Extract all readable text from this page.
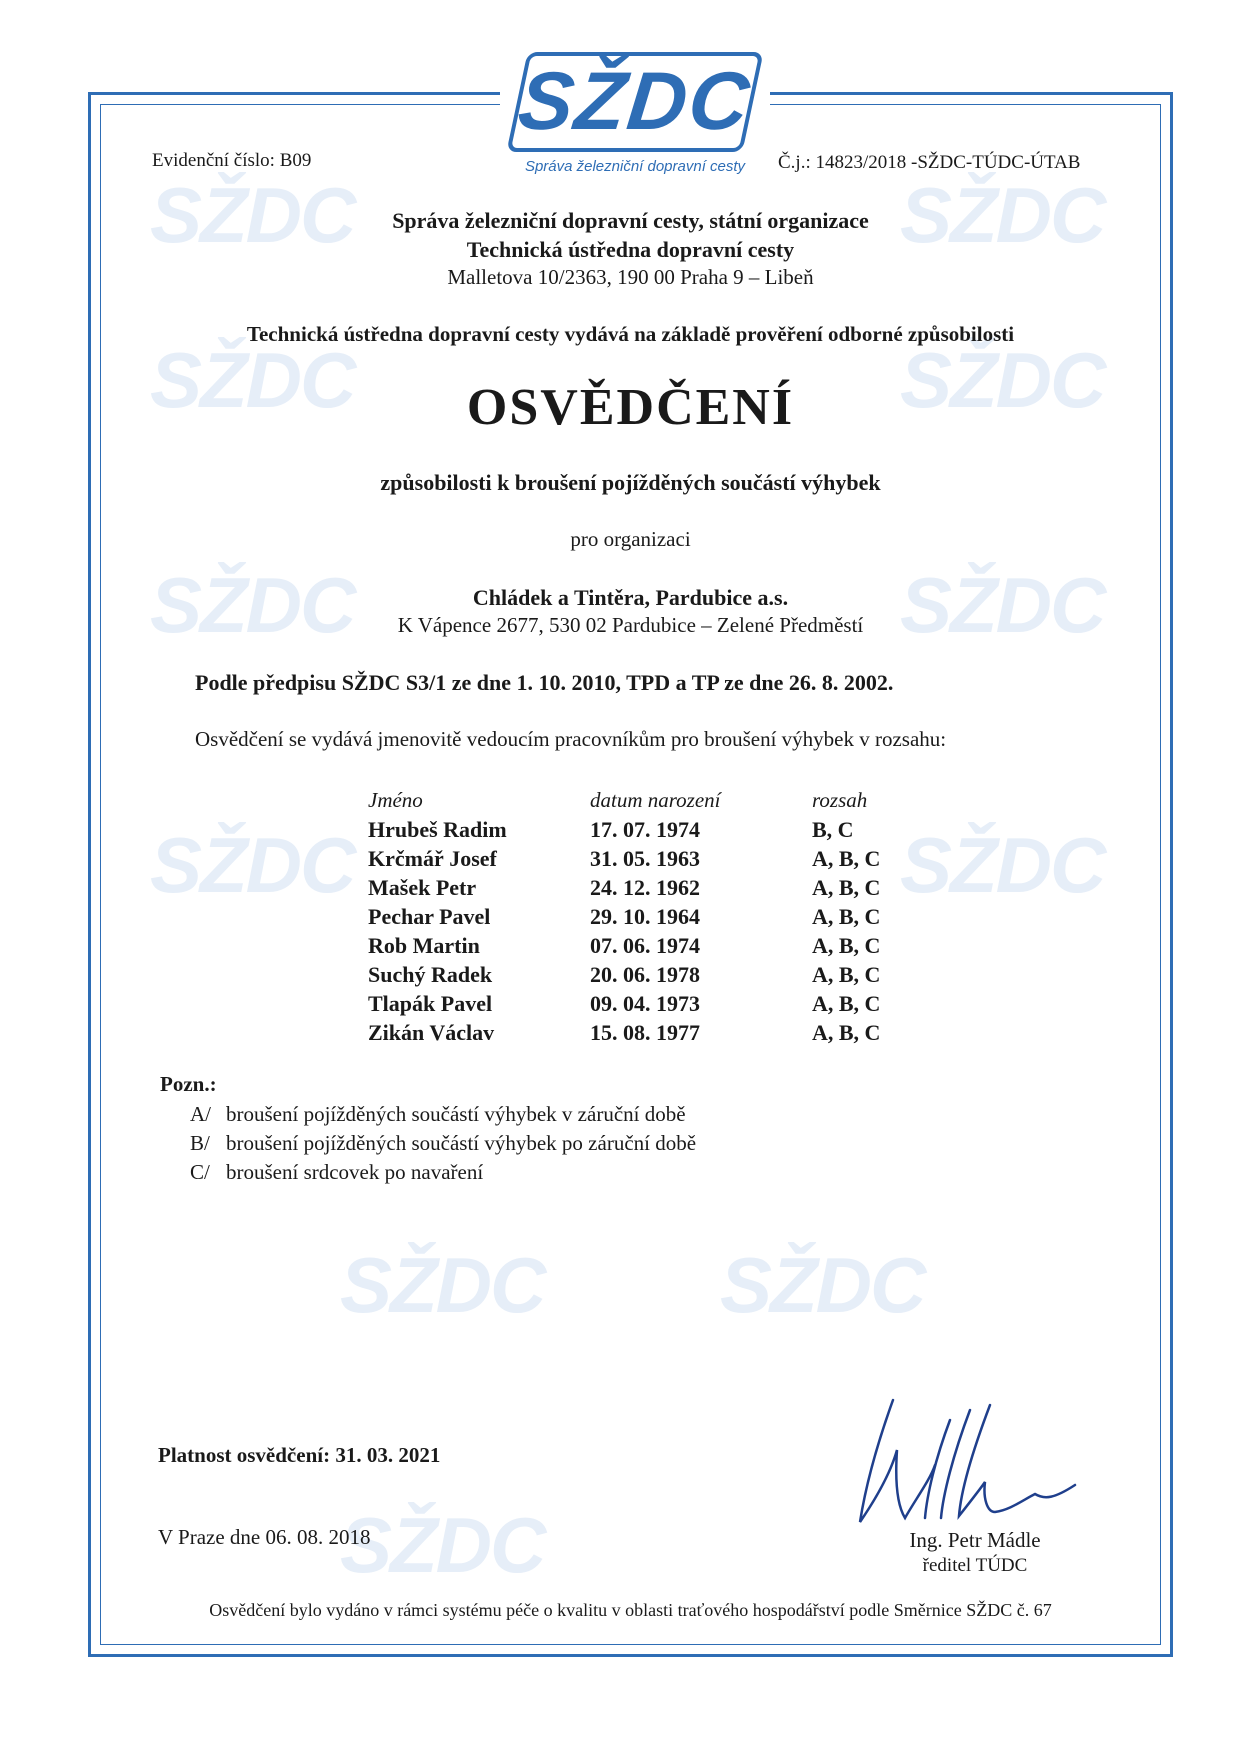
SŽDC	SŽDC
SŽDC	SŽDC
SŽDC	SŽDC
SŽDC	SŽDC
SŽDC SŽDC
SŽDC
SŽDC
Správa železniční dopravní cesty
Evidenční číslo: B09	Č.j.: 14823/2018 -SŽDC-TÚDC-ÚTAB
Správa železniční dopravní cesty, státní organizace
Technická ústředna dopravní cesty
Malletova 10/2363, 190 00 Praha 9 – Libeň
Technická ústředna dopravní cesty vydává na základě prověření odborné způsobilosti
OSVĚDČENÍ
způsobilosti k broušení pojížděných součástí výhybek
pro organizaci
Chládek a Tintěra, Pardubice a.s.
K Vápence 2677, 530 02 Pardubice – Zelené Předměstí
Podle předpisu SŽDC S3/1 ze dne 1. 10. 2010, TPD a TP ze dne 26. 8. 2002.
Osvědčení se vydává jmenovitě vedoucím pracovníkům pro broušení výhybek v rozsahu:
Jméno	datum narození	rozsah
Hrubeš Radim	17. 07. 1974	B, C
Krčmář Josef	31. 05. 1963	A, B, C
Mašek Petr	24. 12. 1962	A, B, C
Pechar Pavel	29. 10. 1964	A, B, C
Rob Martin	07. 06. 1974	A, B, C
Suchý Radek	20. 06. 1978	A, B, C
Tlapák Pavel	09. 04. 1973	A, B, C
Zikán Václav	15. 08. 1977	A, B, C
Pozn.:
A/ broušení pojížděných součástí výhybek v záruční době
B/ broušení pojížděných součástí výhybek po záruční době
C/ broušení srdcovek po navaření
Platnost osvědčení: 31. 03. 2021
V Praze dne 06. 08. 2018	Ing. Petr Mádle
ředitel TÚDC
Osvědčení bylo vydáno v rámci systému péče o kvalitu v oblasti traťového hospodářství podle Směrnice SŽDC č. 67
